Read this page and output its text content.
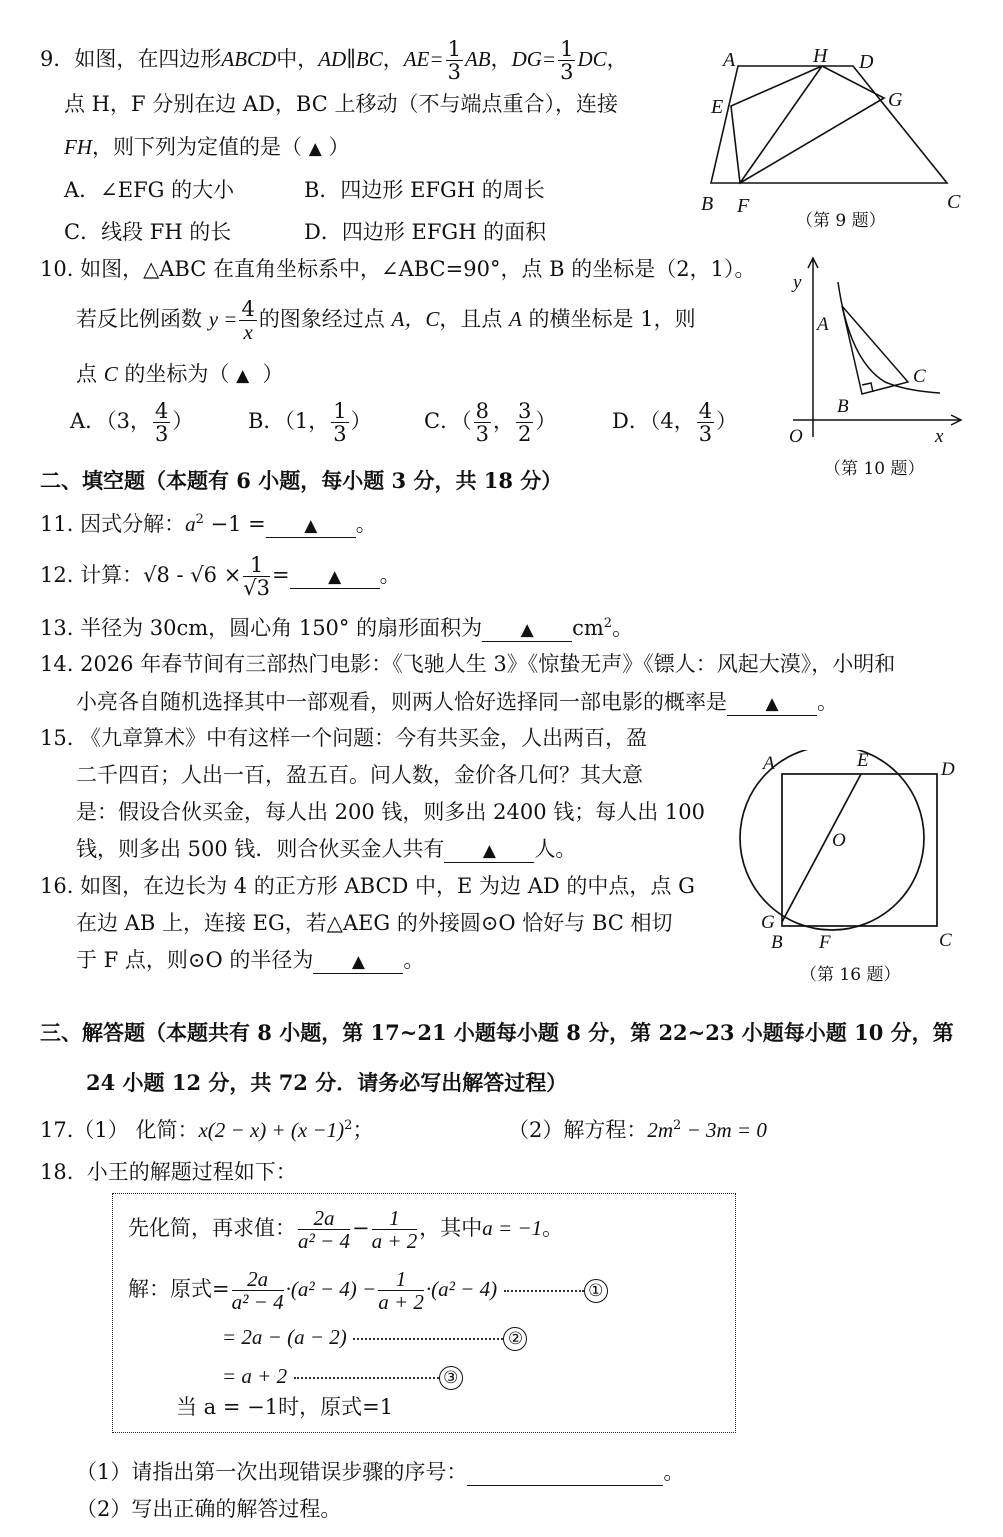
9．如图，在四边形ABCD中，AD∥BC，$AE= \frac{1}{3}$ AB，$DG= \frac{1}{3}$ DC，
点 H，F 分别在边 AD，BC 上移动（不与端点重合），连接
FH，则下列为定值的是（ ▲ ）
A．∠EFG 的大小	B．四边形 EFGH 的周长
C．线段 FH 的长	D．四边形 EFGH 的面积
A	H D
E	G
B F	C
（第 9 题）
10. 如图，△ABC 在直角坐标系中，∠ABC=90°，点 B 的坐标是（2，1）。
若反比例函数 $y = \frac{4}{x}$ 的图象经过点 A，C，且点 A 的横坐标是 1，则
点 C 的坐标为（ ▲ ）
A．（3， $\frac{4}{3}$ ）	B．（1， $\frac{1}{3}$ ） C．（ $\frac{8}{3}$ ， $\frac{3}{2}$ ）	D．（4， $\frac{4}{3}$ ）
y
x
O
A
B
C
（第 10 题）
二、填空题（本题有 6 小题，每小题 3 分，共 18 分）
11. 因式分解：$a^2 -1$ = ▲ 。
12. 计算：$√8 - √6 \times \frac{1}{√3}$ = ▲ 。
13. 半径为 30cm，圆心角 150° 的扇形面积为 ▲ $cm^2$。
14. 2026 年春节间有三部热门电影：《飞驰人生 3》《惊蛰无声》《镖人：风起大漠》，小明和
小亮各自随机选择其中一部观看，则两人恰好选择同一部电影的概率是 ▲ 。
15. 《九章算术》中有这样一个问题：今有共买金，人出两百，盈
二千四百；人出一百，盈五百。问人数，金价各几何？其大意
是：假设合伙买金，每人出 200 钱，则多出 2400 钱；每人出 100
钱，则多出 500 钱．则合伙买金人共有 ▲ 人。
16. 如图，在边长为 4 的正方形 ABCD 中，E 为边 AD 的中点，点 G
在边 AB 上，连接 EG，若△AEG 的外接圆⊙O 恰好与 BC 相切
于 F 点，则⊙O 的半径为 ▲ 。
A	E	D
O
G
B F	C
（第 16 题）
三、解答题（本题共有 8 小题，第 17~21 小题每小题 8 分，第 22~23 小题每小题 10 分，第
24 小题 12 分，共 72 分．请务必写出解答过程）
17.（1） 化简：$x(2 - x) + (x -1)^2$；	（2）解方程：$2m^2 - 3m = 0$
18. 小王的解题过程如下：
先化简，再求值： $\frac{2a}{\text{a² − 4}} - \frac{1}{a + 2}$ ，其中a = −1。
解：原式= $\frac{2a}{\text{a² − 4}} \cdot(a^2 - 4) - \frac{1}{a + 2} \cdot(a^2 - 4)$	①
= 2a − (a − 2)	②
= a + 2	③
当 a = −1时，原式=1
（1）请指出第一次出现错误步骤的序号：	。
（2）写出正确的解答过程。
